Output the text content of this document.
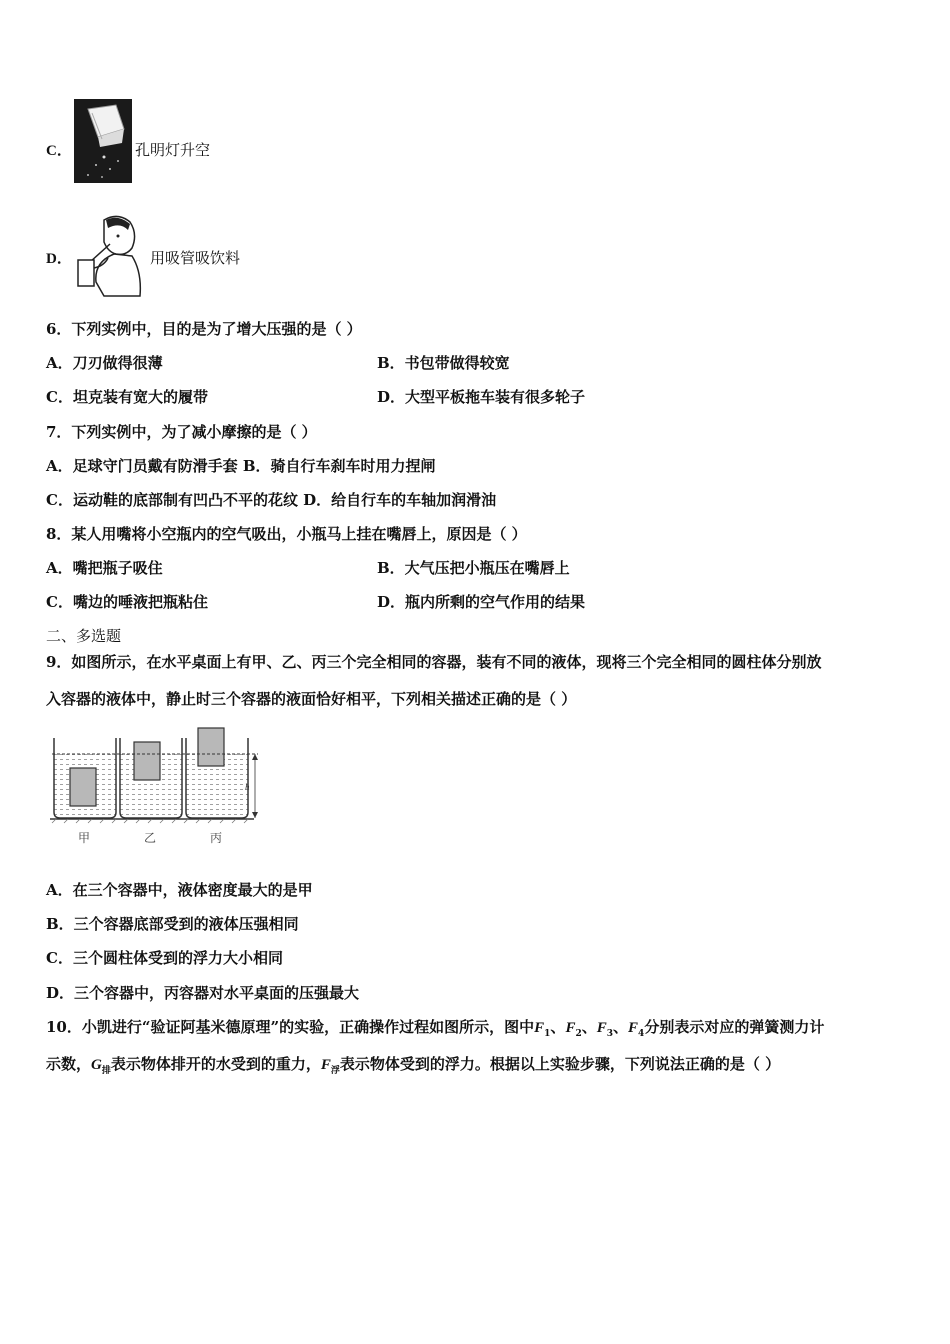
C．	孔明灯升空
D．	用吸管吸饮料
6．下列实例中，目的是为了增大压强的是（ ）
A．刀刃做得很薄	B．书包带做得较宽
C．坦克装有宽大的履带	D．大型平板拖车装有很多轮子
7．下列实例中，为了减小摩擦的是（ ）
A．足球守门员戴有防滑手套 B．骑自行车刹车时用力捏闸
C．运动鞋的底部制有凹凸不平的花纹 D．给自行车的车轴加润滑油
8．某人用嘴将小空瓶内的空气吸出，小瓶马上挂在嘴唇上，原因是（ ）
A．嘴把瓶子吸住	B．大气压把小瓶压在嘴唇上
C．嘴边的唾液把瓶粘住	D．瓶内所剩的空气作用的结果
二、多选题
9．如图所示，在水平桌面上有甲、乙、丙三个完全相同的容器，装有不同的液体，现将三个完全相同的圆柱体分别放
入容器的液体中，静止时三个容器的液面恰好相平，下列相关描述正确的是（ ）
h
甲	乙	丙
A．在三个容器中，液体密度最大的是甲
B．三个容器底部受到的液体压强相同
C．三个圆柱体受到的浮力大小相同
D．三个容器中，丙容器对水平桌面的压强最大
10．小凯进行“验证阿基米德原理”的实验，正确操作过程如图所示，图中$F_1$、$F_2$、$F_3$、$F_4$分别表示对应的弹簧测力计
示数，$G_排$表示物体排开的水受到的重力，$F_浮$表示物体受到的浮力。根据以上实验步骤，下列说法正确的是（ ）
